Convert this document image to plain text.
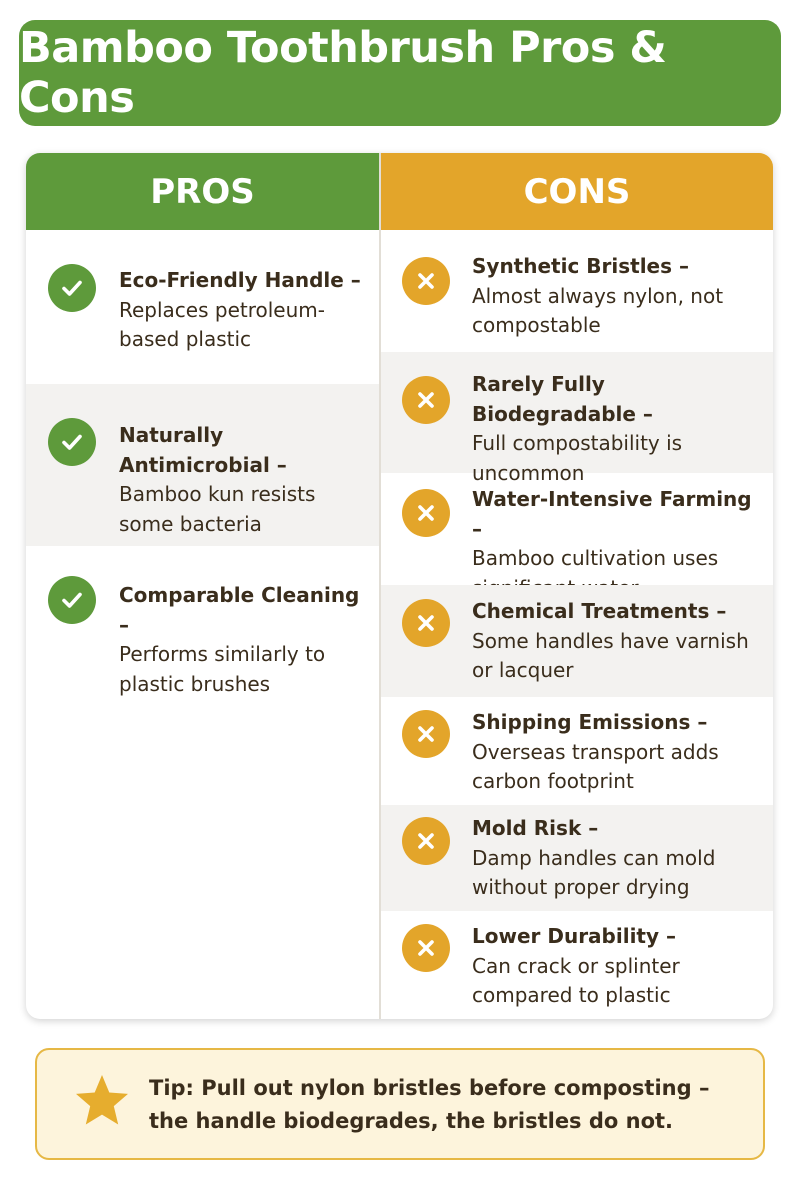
Bamboo Toothbrush Pros & Cons
PROS
Eco-Friendly Handle –
Replaces petroleum-based plastic
Naturally Antimicrobial –
Bamboo kun resists some bacteria
Comparable Cleaning –
Performs similarly to plastic brushes
CONS
Synthetic Bristles –
Almost always nylon, not compostable
Rarely Fully Biodegradable –
Full compostability is uncommon
Water-Intensive Farming –
Bamboo cultivation uses
Chemical Treatments –
Some handles have varnish or lacquer
Shipping Emissions –
Overseas transport adds carbon footprint
Mold Risk –
Damp handles can mold without proper drying
Lower Durability –
Can crack or splinter compared to plastic
Tip: Pull out nylon bristles before composting – the handle biodegrades, the bristles do not.
